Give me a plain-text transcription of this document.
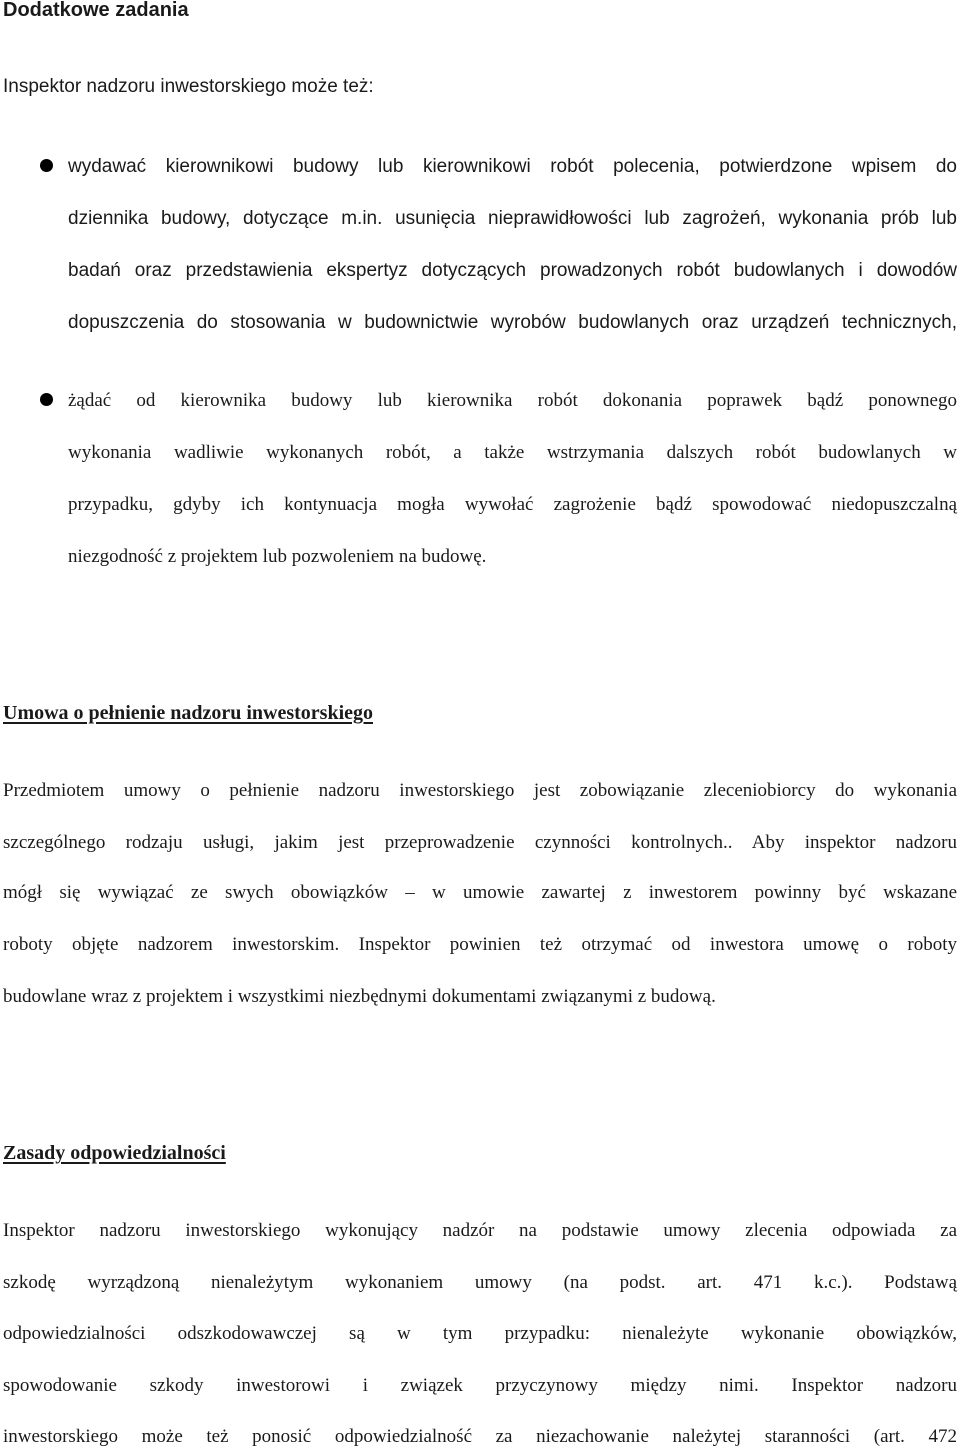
Dodatkowe zadania

Inspektor nadzoru inwestorskiego może też:

wydawać kierownikowi budowy lub kierownikowi robót polecenia, potwierdzone wpisem do

dziennika budowy, dotyczące m.in. usunięcia nieprawidłowości lub zagrożeń, wykonania prób lub

badań oraz przedstawienia ekspertyz dotyczących prowadzonych robót budowlanych i dowodów

dopuszczenia do stosowania w budownictwie wyrobów budowlanych oraz urządzeń technicznych,

żądać od kierownika budowy lub kierownika robót dokonania poprawek bądź ponownego

wykonania wadliwie wykonanych robót, a także wstrzymania dalszych robót budowlanych w

przypadku, gdyby ich kontynuacja mogła wywołać zagrożenie bądź spowodować niedopuszczalną

niezgodność z projektem lub pozwoleniem na budowę.

Umowa o pełnienie nadzoru inwestorskiego

Przedmiotem umowy o pełnienie nadzoru inwestorskiego jest zobowiązanie zleceniobiorcy do wykonania

szczególnego rodzaju usługi, jakim jest przeprowadzenie czynności kontrolnych.. Aby inspektor nadzoru

mógł się wywiązać ze swych obowiązków – w umowie zawartej z inwestorem powinny być wskazane

roboty objęte nadzorem inwestorskim. Inspektor powinien też otrzymać od inwestora umowę o roboty

budowlane wraz z projektem i wszystkimi niezbędnymi dokumentami związanymi z budową.

Zasady odpowiedzialności

Inspektor nadzoru inwestorskiego wykonujący nadzór na podstawie umowy zlecenia odpowiada za

szkodę wyrządzoną nienależytym wykonaniem umowy (na podst. art. 471 k.c.). Podstawą

odpowiedzialności odszkodowawczej są w tym przypadku: nienależyte wykonanie obowiązków,

spowodowanie szkody inwestorowi i związek przyczynowy między nimi. Inspektor nadzoru

inwestorskiego może też ponosić odpowiedzialność za niezachowanie należytej staranności (art. 472
